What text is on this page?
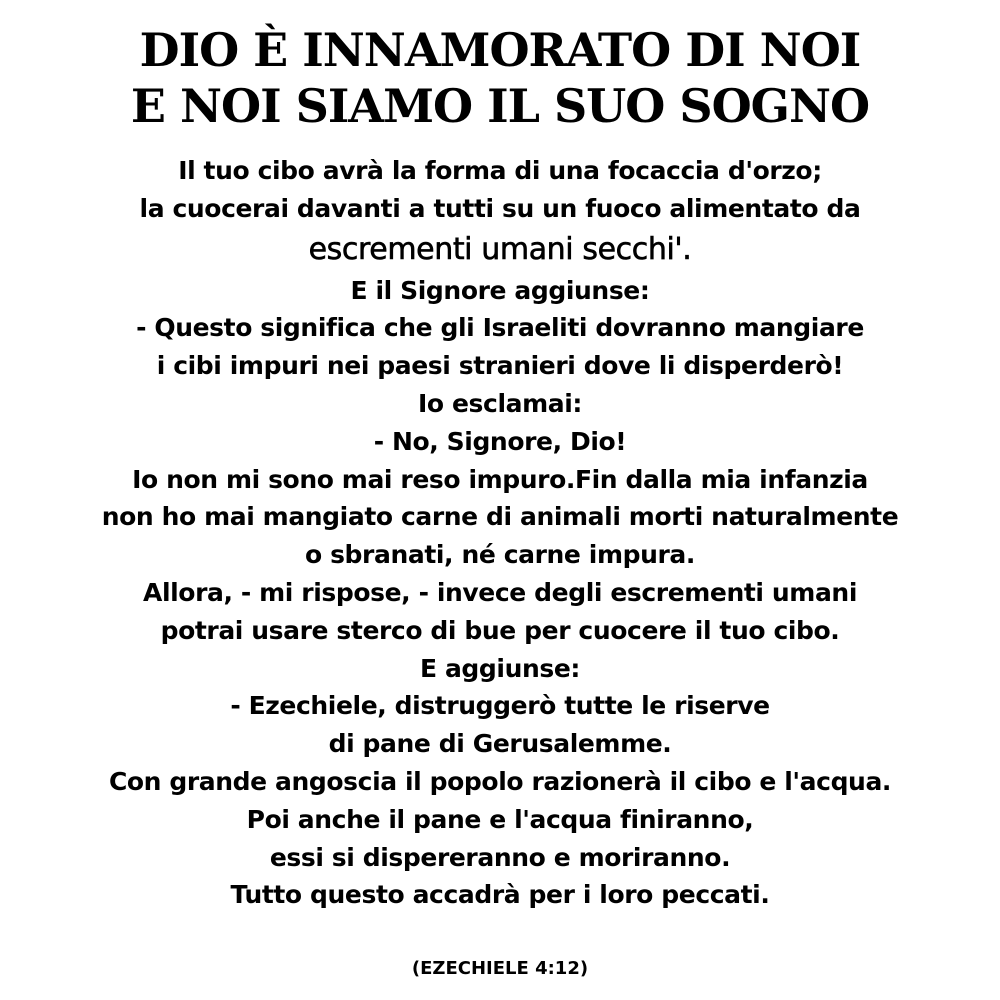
DIO È INNAMORATO DI NOI
E NOI SIAMO IL SUO SOGNO
Il tuo cibo avrà la forma di una focaccia d'orzo;
la cuocerai davanti a tutti su un fuoco alimentato da
escrementi umani secchi'.
E il Signore aggiunse:
- Questo significa che gli Israeliti dovranno mangiare
i cibi impuri nei paesi stranieri dove li disperderò!
Io esclamai:
- No, Signore, Dio!
Io non mi sono mai reso impuro.Fin dalla mia infanzia
non ho mai mangiato carne di animali morti naturalmente
o sbranati, né carne impura.
Allora, - mi rispose, - invece degli escrementi umani
potrai usare sterco di bue per cuocere il tuo cibo.
E aggiunse:
- Ezechiele, distruggerò tutte le riserve
di pane di Gerusalemme.
Con grande angoscia il popolo razionerà il cibo e l'acqua.
Poi anche il pane e l'acqua finiranno,
essi si dispereranno e moriranno.
Tutto questo accadrà per i loro peccati.
(EZECHIELE 4:12)
